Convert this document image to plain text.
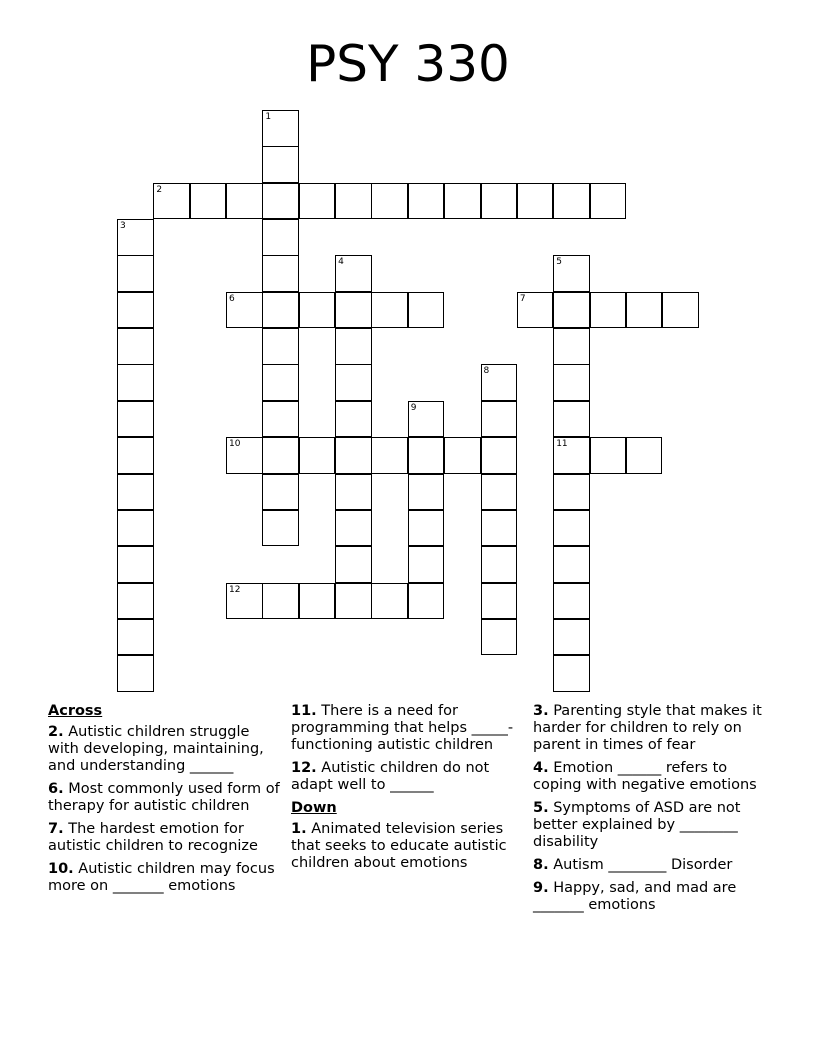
PSY 330
1
2
3
4	5
11
6	7
8
9
10
12
Across
2. Autistic children struggle with developing, maintaining, and understanding ______
6. Most commonly used form of therapy for autistic children
7. The hardest emotion for autistic children to recognize
10. Autistic children may focus more on _______ emotions
11. There is a need for programming that helps _____-functioning autistic children
12. Autistic children do not adapt well to ______
Down
1. Animated television series that seeks to educate autistic children about emotions
3. Parenting style that makes it harder for children to rely on parent in times of fear
4. Emotion ______ refers to coping with negative emotions
5. Symptoms of ASD are not better explained by ________ disability
8. Autism ________ Disorder
9. Happy, sad, and mad are _______ emotions
